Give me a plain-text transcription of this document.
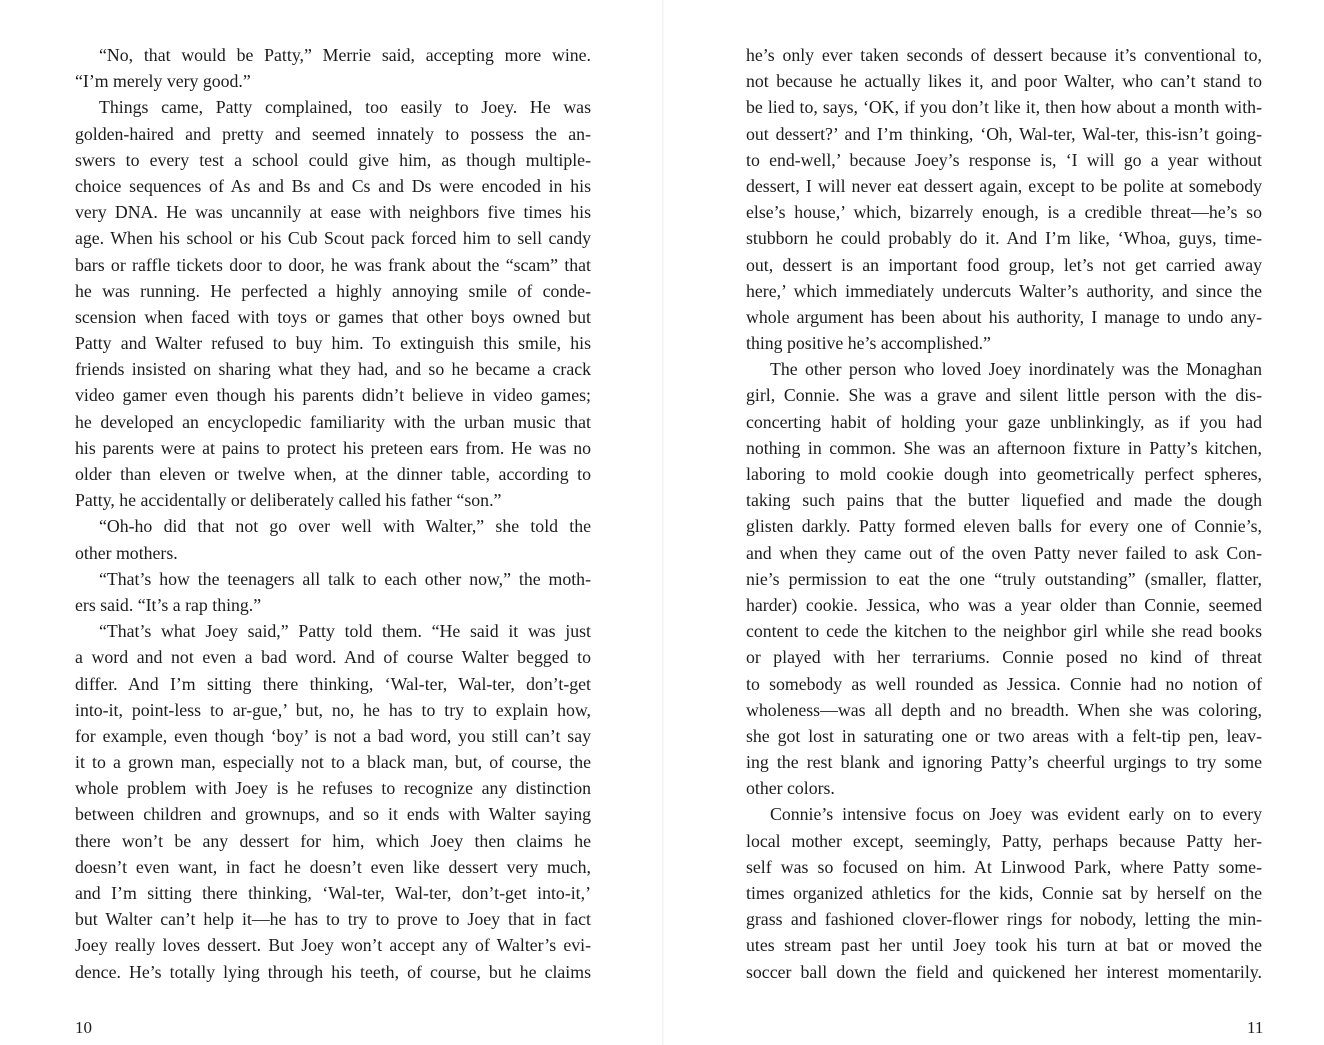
“No, that would be Patty,” Merrie said, accepting more wine.
“I’m merely very good.”
Things came, Patty complained, too easily to Joey. He was
golden-haired and pretty and seemed innately to possess the an-
swers to every test a school could give him, as though multiple-
choice sequences of As and Bs and Cs and Ds were encoded in his
very DNA. He was uncannily at ease with neighbors five times his
age. When his school or his Cub Scout pack forced him to sell candy
bars or raffle tickets door to door, he was frank about the “scam” that
he was running. He perfected a highly annoying smile of conde-
scension when faced with toys or games that other boys owned but
Patty and Walter refused to buy him. To extinguish this smile, his
friends insisted on sharing what they had, and so he became a crack
video gamer even though his parents didn’t believe in video games;
he developed an encyclopedic familiarity with the urban music that
his parents were at pains to protect his preteen ears from. He was no
older than eleven or twelve when, at the dinner table, according to
Patty, he accidentally or deliberately called his father “son.”
“Oh-ho did that not go over well with Walter,” she told the
other mothers.
“That’s how the teenagers all talk to each other now,” the moth-
ers said. “It’s a rap thing.”
“That’s what Joey said,” Patty told them. “He said it was just
a word and not even a bad word. And of course Walter begged to
differ. And I’m sitting there thinking, ‘Wal-ter, Wal-ter, don’t-get
into-it, point-less to ar-gue,’ but, no, he has to try to explain how,
for example, even though ‘boy’ is not a bad word, you still can’t say
it to a grown man, especially not to a black man, but, of course, the
whole problem with Joey is he refuses to recognize any distinction
between children and grownups, and so it ends with Walter saying
there won’t be any dessert for him, which Joey then claims he
doesn’t even want, in fact he doesn’t even like dessert very much,
and I’m sitting there thinking, ‘Wal-ter, Wal-ter, don’t-get into-it,’
but Walter can’t help it—he has to try to prove to Joey that in fact
Joey really loves dessert. But Joey won’t accept any of Walter’s evi-
dence. He’s totally lying through his teeth, of course, but he claims
he’s only ever taken seconds of dessert because it’s conventional to,
not because he actually likes it, and poor Walter, who can’t stand to
be lied to, says, ‘OK, if you don’t like it, then how about a month with-
out dessert?’ and I’m thinking, ‘Oh, Wal-ter, Wal-ter, this-isn’t going-
to end-well,’ because Joey’s response is, ‘I will go a year without
dessert, I will never eat dessert again, except to be polite at somebody
else’s house,’ which, bizarrely enough, is a credible threat—he’s so
stubborn he could probably do it. And I’m like, ‘Whoa, guys, time-
out, dessert is an important food group, let’s not get carried away
here,’ which immediately undercuts Walter’s authority, and since the
whole argument has been about his authority, I manage to undo any-
thing positive he’s accomplished.”
The other person who loved Joey inordinately was the Monaghan
girl, Connie. She was a grave and silent little person with the dis-
concerting habit of holding your gaze unblinkingly, as if you had
nothing in common. She was an afternoon fixture in Patty’s kitchen,
laboring to mold cookie dough into geometrically perfect spheres,
taking such pains that the butter liquefied and made the dough
glisten darkly. Patty formed eleven balls for every one of Connie’s,
and when they came out of the oven Patty never failed to ask Con-
nie’s permission to eat the one “truly outstanding” (smaller, flatter,
harder) cookie. Jessica, who was a year older than Connie, seemed
content to cede the kitchen to the neighbor girl while she read books
or played with her terrariums. Connie posed no kind of threat
to somebody as well rounded as Jessica. Connie had no notion of
wholeness—was all depth and no breadth. When she was coloring,
she got lost in saturating one or two areas with a felt-tip pen, leav-
ing the rest blank and ignoring Patty’s cheerful urgings to try some
other colors.
Connie’s intensive focus on Joey was evident early on to every
local mother except, seemingly, Patty, perhaps because Patty her-
self was so focused on him. At Linwood Park, where Patty some-
times organized athletics for the kids, Connie sat by herself on the
grass and fashioned clover-flower rings for nobody, letting the min-
utes stream past her until Joey took his turn at bat or moved the
soccer ball down the field and quickened her interest momentarily.
10	11
